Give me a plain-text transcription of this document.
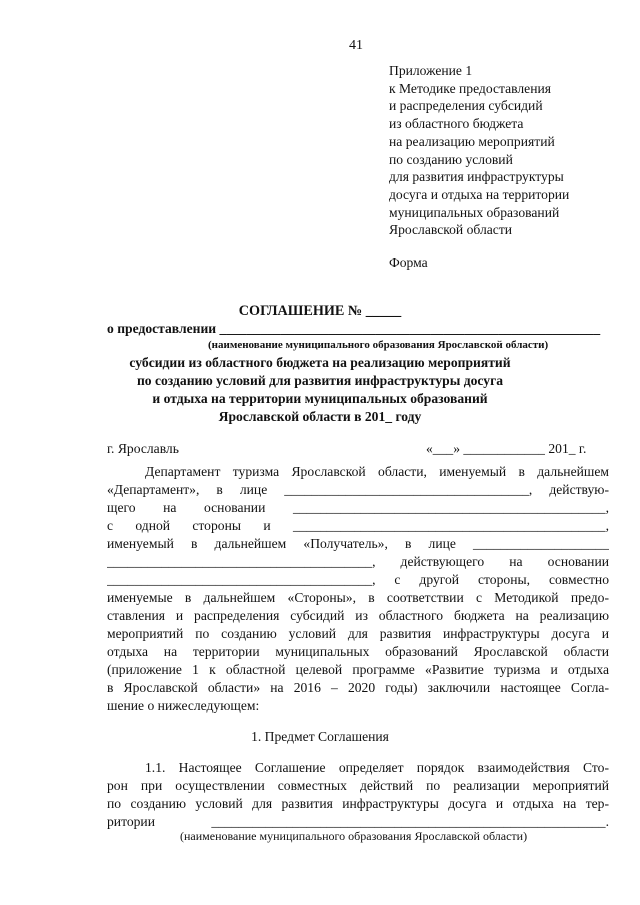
41
Приложение 1
к Методике предоставления
и распределения субсидий
из областного бюджета
на реализацию мероприятий
по созданию условий
для развития инфраструктуры
досуга и отдыха на территории
муниципальных образований
Ярославской области
Форма
СОГЛАШЕНИЕ № _____
о предоставлении ________________________________________________________
(наименование муниципального образования Ярославской области)
субсидии из областного бюджета на реализацию мероприятий
по созданию условий для развития инфраструктуры досуга
и отдыха на территории муниципальных образований
Ярославской области в 201_ году
г. Ярославль	«___» ____________ 201_ г.
Департамент туризма Ярославской области, именуемый в дальнейшем
«Департамент», в лице ____________________________________, действую-
щего на основании ______________________________________________,
с одной стороны и ______________________________________________,
именуемый в дальнейшем «Получатель», в лице ____________________
_______________________________________, действующего на основании
_______________________________________, с другой стороны, совместно
именуемые в дальнейшем «Стороны», в соответствии с Методикой предо-
ставления и распределения субсидий из областного бюджета на реализацию
мероприятий по созданию условий для развития инфраструктуры досуга и
отдыха на территории муниципальных образований Ярославской области
(приложение 1 к областной целевой программе «Развитие туризма и отдыха
в Ярославской области» на 2016 – 2020 годы) заключили настоящее Согла-
шение о нижеследующем:
1. Предмет Соглашения
1.1. Настоящее Соглашение определяет порядок взаимодействия Сто-
рон при осуществлении совместных действий по реализации мероприятий
по созданию условий для развития инфраструктуры досуга и отдыха на тер-
ритории __________________________________________________________.
(наименование муниципального образования Ярославской области)
